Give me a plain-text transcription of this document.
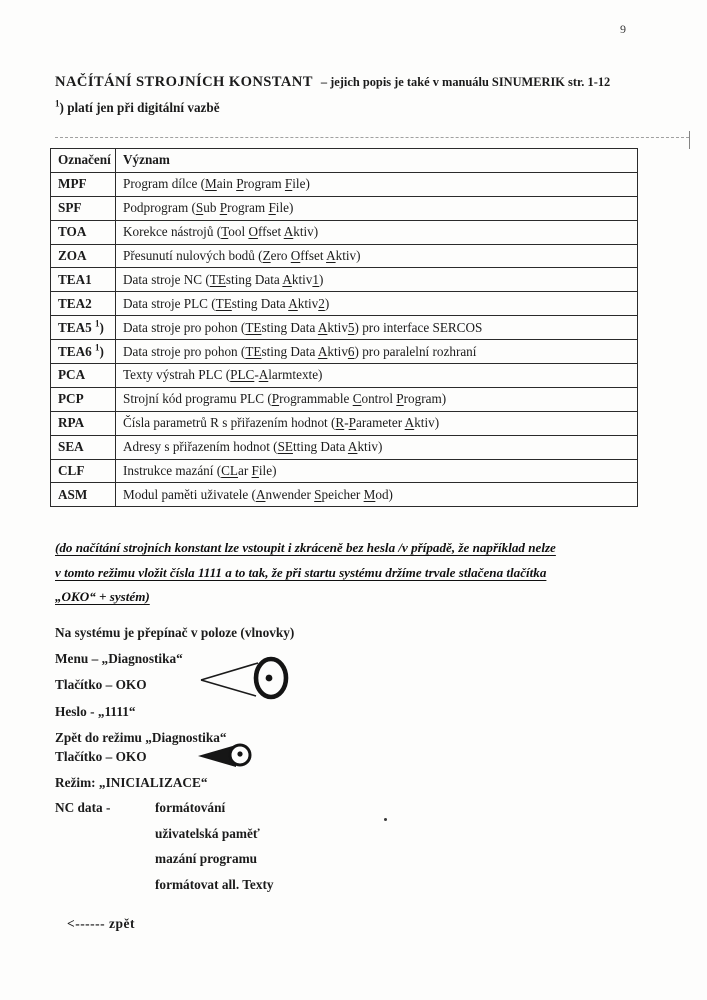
9
NAČÍTÁNÍ STROJNÍCH KONSTANT – jejich popis je také v manuálu SINUMERIK str. 1-12
$^1$) platí jen při digitální vazbě
Označení	Význam
MPF	Program dílce (Main Program File)
SPF	Podprogram (Sub Program File)
TOA	Korekce nástrojů (Tool Offset Aktiv)
ZOA	Přesunutí nulových bodů (Zero Offset Aktiv)
TEA1	Data stroje NC (TEsting Data Aktiv1)
TEA2	Data stroje PLC (TEsting Data Aktiv2)
TEA5 $^1$)	Data stroje pro pohon (TEsting Data Aktiv5) pro interface SERCOS
TEA6 $^1$)	Data stroje pro pohon (TEsting Data Aktiv6) pro paralelní rozhraní
PCA	Texty výstrah PLC (PLC-Alarmtexte)
PCP	Strojní kód programu PLC (Programmable Control Program)
RPA	Čísla parametrů R s přiřazením hodnot (R-Parameter Aktiv)
SEA	Adresy s přiřazením hodnot (SEtting Data Aktiv)
CLF	Instrukce mazání (CLar File)
ASM	Modul paměti uživatele (Anwender Speicher Mod)
(do načítání strojních konstant lze vstoupit i zkráceně bez hesla /v případě, že například nelze
v tomto režimu vložit čísla 1111 a to tak, že při startu systému držíme trvale stlačena tlačítka
„OKO“ + systém)
Na systému je přepínač v poloze (vlnovky)
Menu – „Diagnostika“
Tlačítko – OKO
Heslo - „1111“
Zpět do režimu „Diagnostika“
Tlačítko – OKO
Režim: „INICIALIZACE“
NC data -	formátování
uživatelská paměť
mazání programu
formátovat all. Texty
<------ zpět
